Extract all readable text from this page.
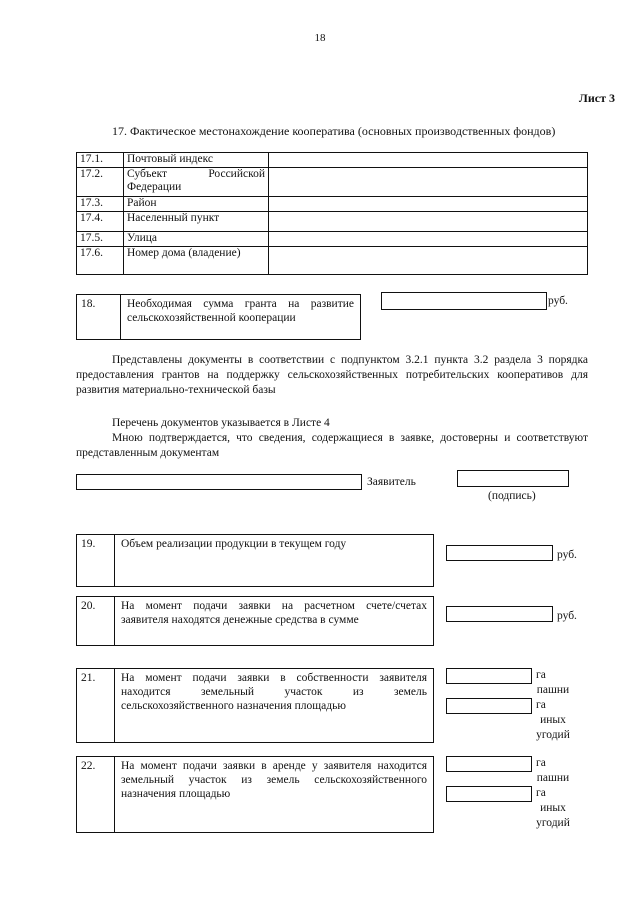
18
Лист 3
17. Фактическое местонахождение кооператива (основных производственных фондов)
17.1.	Почтовый индекс	
17.2.	Субъект Российской Федерации	
17.3.	Район	
17.4.	Населенный пункт	
17.5.	Улица	
17.6.	Номер дома (владение)	
18.	Необходимая сумма гранта на развитие сельскохозяйственной кооперации
руб.
Представлены документы в соответствии с подпунктом 3.2.1 пункта 3.2 раздела 3 порядка предоставления грантов на поддержку сельскохозяйственных потребительских кооперативов для развития материально-технической базы
Перечень документов указывается в Листе 4
Мною подтверждается, что сведения, содержащиеся в заявке, достоверны и соответствуют представленным документам
Заявитель
(подпись)
19.	Объем реализации продукции в текущем году
руб.
20.	На момент подачи заявки на расчетном счете/счетах заявителя находятся денежные средства в сумме	руб.
21.	На момент подачи заявки в собственности заявителя находится земельный участок из земель сельскохозяйственного назначения площадью
га
пашни
га
иных
угодий
22.	На момент подачи заявки в аренде у заявителя находится земельный участок из земель сельскохозяйственного назначения площадью
га
пашни
га
иных
угодий
